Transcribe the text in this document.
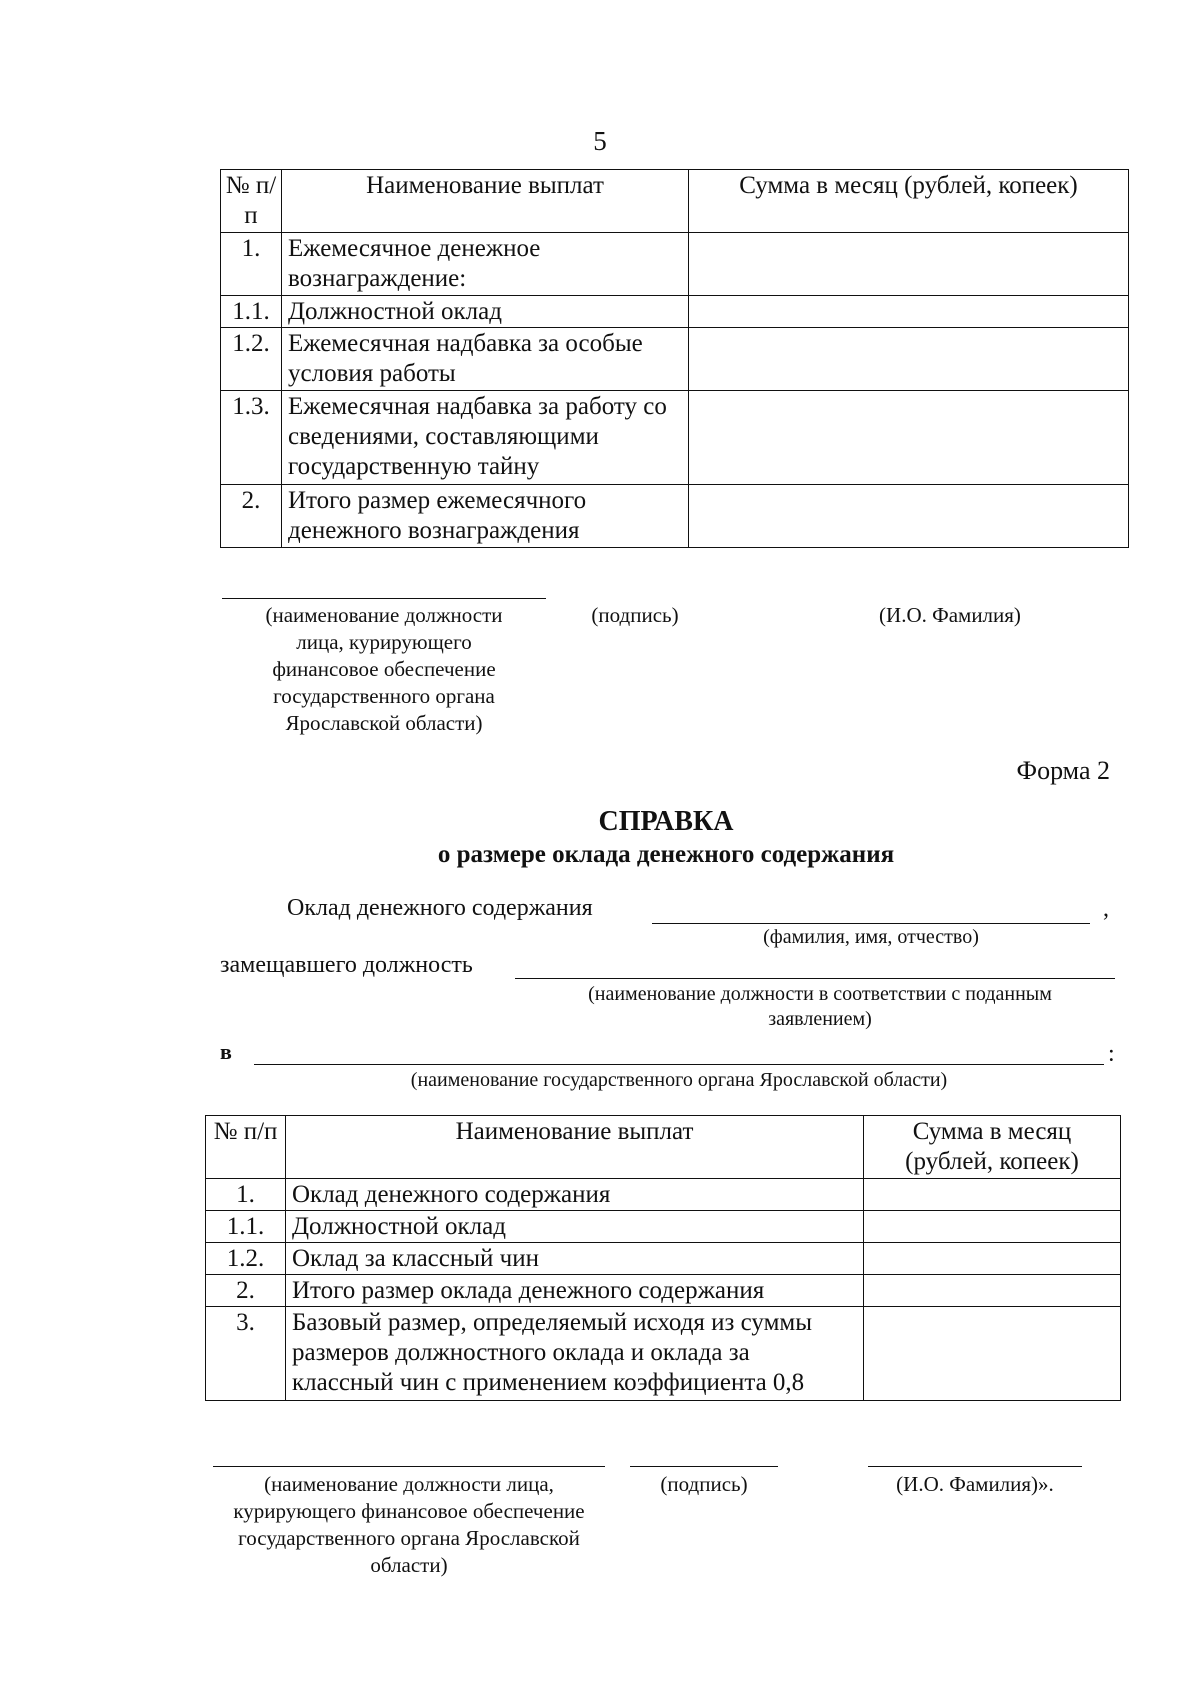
5
№ п/п	Наименование выплат	Сумма в месяц (рублей, копеек)
1.	Ежемесячное денежное вознаграждение:	
1.1.	Должностной оклад	
1.2.	Ежемесячная надбавка за особые условия работы	
1.3.	Ежемесячная надбавка за работу со сведениями, составляющими государственную тайну	
2.	Итого размер ежемесячного денежного вознаграждения	
(наименование должности лица, курирующего финансовое обеспечение государственного органа Ярославской области)
(подпись)	(И.О. Фамилия)
Форма 2
СПРАВКА
о размере оклада денежного содержания
Оклад денежного содержания	,
(фамилия, имя, отчество)
замещавшего должность
(наименование должности в соответствии с поданным заявлением)
в	:
(наименование государственного органа Ярославской области)
№ п/п	Наименование выплат	Сумма в месяц (рублей, копеек)
1.	Оклад денежного содержания	
1.1.	Должностной оклад	
1.2.	Оклад за классный чин	
2.	Итого размер оклада денежного содержания	
3.	Базовый размер, определяемый исходя из суммы размеров должностного оклада и оклада за классный чин с применением коэффициента 0,8	
(наименование должности лица, курирующего финансовое обеспечение государственного органа Ярославской области)
(подпись)	(И.О. Фамилия)».
